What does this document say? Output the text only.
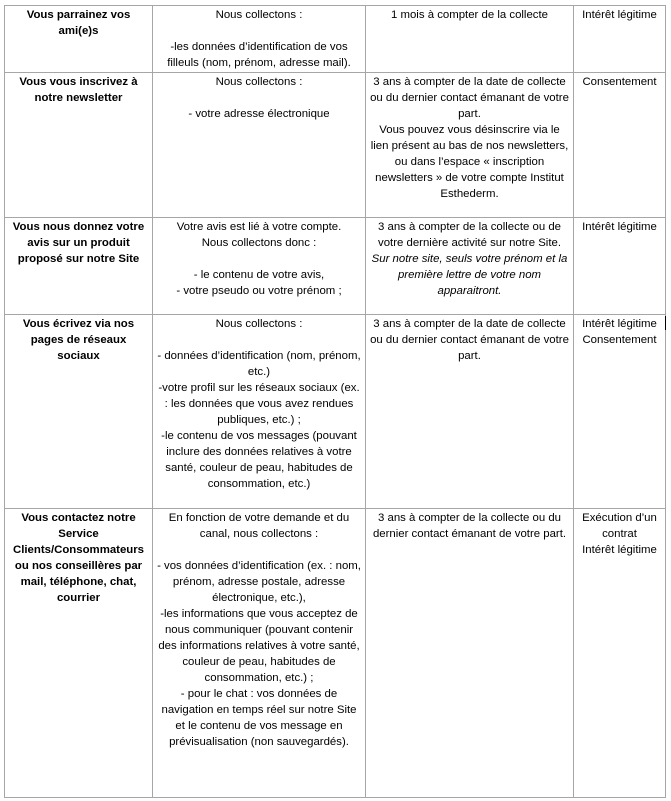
Vous parrainez vos ami(e)s	Nous collectons :
-les données d’identification de vos filleuls (nom, prénom, adresse mail).	1 mois à compter de la collecte	Intérêt légitime

Vous vous inscrivez à notre newsletter	Nous collectons :
- votre adresse électronique	3 ans à compter de la date de collecte ou du dernier contact émanant de votre part.
Vous pouvez vous désinscrire via le lien présent au bas de nos newsletters, ou dans l’espace « inscription newsletters » de votre compte Institut Esthederm.	Consentement

Vous nous donnez votre avis sur un produit proposé sur notre Site	Votre avis est lié à votre compte.
Nous collectons donc :
- le contenu de votre avis,
- votre pseudo ou votre prénom ;	3 ans à compter de la collecte ou de votre dernière activité sur notre Site.
Sur notre site, seuls votre prénom et la première lettre de votre nom apparaitront.	Intérêt légitime

Vous écrivez via nos pages de réseaux sociaux	Nous collectons :
- données d’identification (nom, prénom, etc.)
-votre profil sur les réseaux sociaux (ex. : les données que vous avez rendues publiques, etc.) ;
-le contenu de vos messages (pouvant inclure des données relatives à votre santé, couleur de peau, habitudes de consommation, etc.)	3 ans à compter de la date de collecte ou du dernier contact émanant de votre part.	Intérêt légitime
Consentement

Vous contactez notre Service Clients/Consommateurs ou nos conseillères par mail, téléphone, chat, courrier	En fonction de votre demande et du canal, nous collectons :
- vos données d’identification (ex. : nom, prénom, adresse postale, adresse électronique, etc.),
-les informations que vous acceptez de nous communiquer (pouvant contenir des informations relatives à votre santé, couleur de peau, habitudes de consommation, etc.) ;
- pour le chat : vos données de navigation en temps réel sur notre Site et le contenu de vos message en prévisualisation (non sauvegardés).	3 ans à compter de la collecte ou du dernier contact émanant de votre part.	Exécution d’un contrat
Intérêt légitime
